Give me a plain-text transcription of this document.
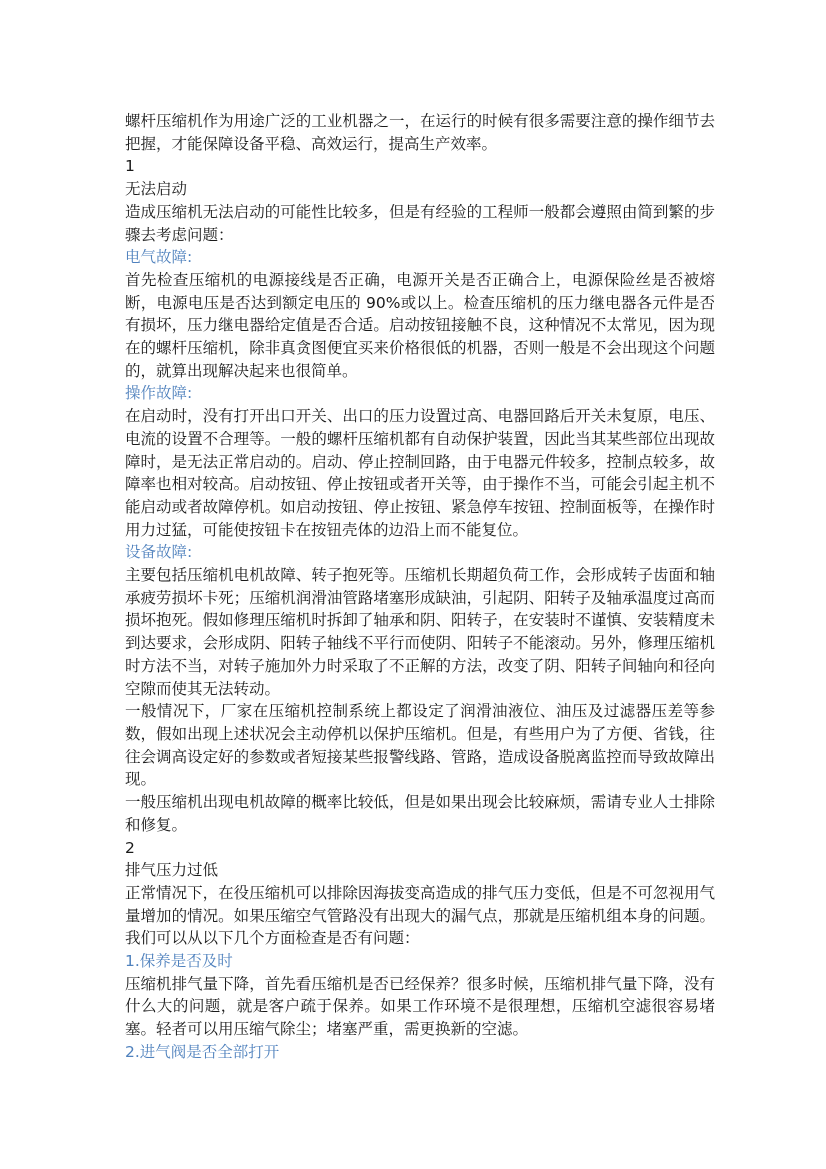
螺杆压缩机作为用途广泛的工业机器之一，在运行的时候有很多需要注意的操作细节去把握，才能保障设备平稳、高效运行，提高生产效率。

1

无法启动

造成压缩机无法启动的可能性比较多，但是有经验的工程师一般都会遵照由简到繁的步骤去考虑问题：

电气故障:

首先检查压缩机的电源接线是否正确，电源开关是否正确合上，电源保险丝是否被熔断，电源电压是否达到额定电压的 90%或以上。检查压缩机的压力继电器各元件是否有损坏，压力继电器给定值是否合适。启动按钮接触不良，这种情况不太常见，因为现在的螺杆压缩机，除非真贪图便宜买来价格很低的机器，否则一般是不会出现这个问题的，就算出现解决起来也很简单。

操作故障:

在启动时，没有打开出口开关、出口的压力设置过高、电器回路后开关未复原，电压、电流的设置不合理等。一般的螺杆压缩机都有自动保护装置，因此当其某些部位出现故障时，是无法正常启动的。启动、停止控制回路，由于电器元件较多，控制点较多，故障率也相对较高。启动按钮、停止按钮或者开关等，由于操作不当，可能会引起主机不能启动或者故障停机。如启动按钮、停止按钮、紧急停车按钮、控制面板等，在操作时用力过猛，可能使按钮卡在按钮壳体的边沿上而不能复位。

设备故障:

主要包括压缩机电机故障、转子抱死等。压缩机长期超负荷工作，会形成转子齿面和轴承疲劳损坏卡死；压缩机润滑油管路堵塞形成缺油，引起阴、阳转子及轴承温度过高而损坏抱死。假如修理压缩机时拆卸了轴承和阴、阳转子，在安装时不谨慎、安装精度未到达要求，会形成阴、阳转子轴线不平行而使阴、阳转子不能滚动。另外，修理压缩机时方法不当，对转子施加外力时采取了不正解的方法，改变了阴、阳转子间轴向和径向空隙而使其无法转动。

一般情况下，厂家在压缩机控制系统上都设定了润滑油液位、油压及过滤器压差等参数，假如出现上述状况会主动停机以保护压缩机。但是，有些用户为了方便、省钱，往往会调高设定好的参数或者短接某些报警线路、管路，造成设备脱离监控而导致故障出现。

一般压缩机出现电机故障的概率比较低，但是如果出现会比较麻烦，需请专业人士排除和修复。

2

排气压力过低

正常情况下，在役压缩机可以排除因海拔变高造成的排气压力变低，但是不可忽视用气量增加的情况。如果压缩空气管路没有出现大的漏气点，那就是压缩机组本身的问题。我们可以从以下几个方面检查是否有问题：

1.保养是否及时

压缩机排气量下降，首先看压缩机是否已经保养？很多时候，压缩机排气量下降，没有什么大的问题，就是客户疏于保养。如果工作环境不是很理想，压缩机空滤很容易堵塞。轻者可以用压缩气除尘；堵塞严重，需更换新的空滤。

2.进气阀是否全部打开
